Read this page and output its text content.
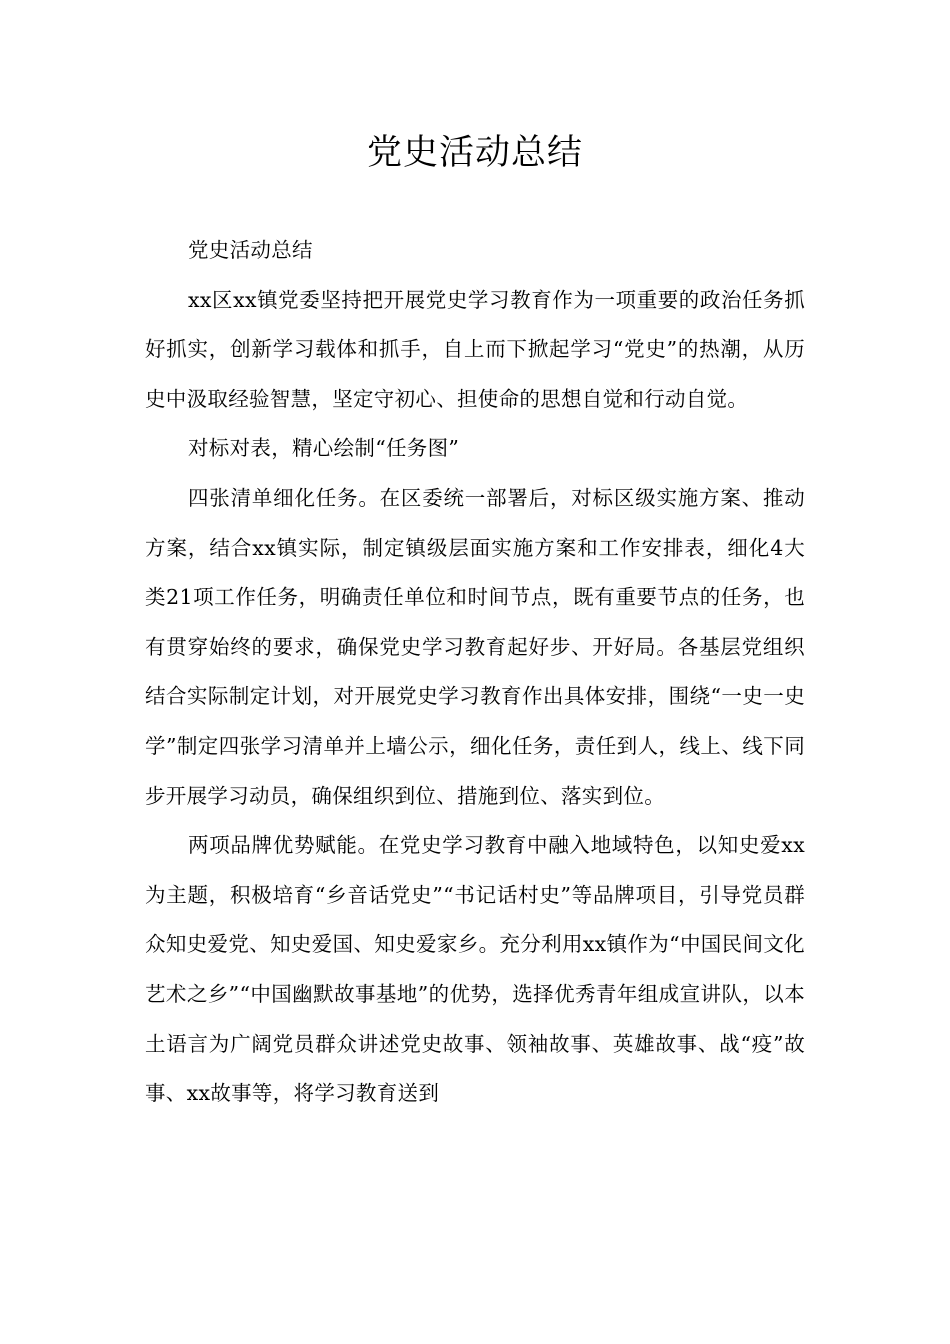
党史活动总结

党史活动总结

xx区xx镇党委坚持把开展党史学习教育作为一项重要的政治任务抓好抓实，创新学习载体和抓手，自上而下掀起学习“党史”的热潮，从历史中汲取经验智慧，坚定守初心、担使命的思想自觉和行动自觉。

对标对表，精心绘制“任务图”

四张清单细化任务。在区委统一部署后，对标区级实施方案、推动方案，结合xx镇实际，制定镇级层面实施方案和工作安排表，细化4大类21项工作任务，明确责任单位和时间节点，既有重要节点的任务，也有贯穿始终的要求，确保党史学习教育起好步、开好局。各基层党组织结合实际制定计划，对开展党史学习教育作出具体安排，围绕“一史一史学”制定四张学习清单并上墙公示，细化任务，责任到人，线上、线下同步开展学习动员，确保组织到位、措施到位、落实到位。

两项品牌优势赋能。在党史学习教育中融入地域特色，以知史爱xx为主题，积极培育“乡音话党史”“书记话村史”等品牌项目，引导党员群众知史爱党、知史爱国、知史爱家乡。充分利用xx镇作为“中国民间文化艺术之乡”“中国幽默故事基地”的优势，选择优秀青年组成宣讲队，以本土语言为广阔党员群众讲述党史故事、领袖故事、英雄故事、战“疫”故事、xx故事等，将学习教育送到
